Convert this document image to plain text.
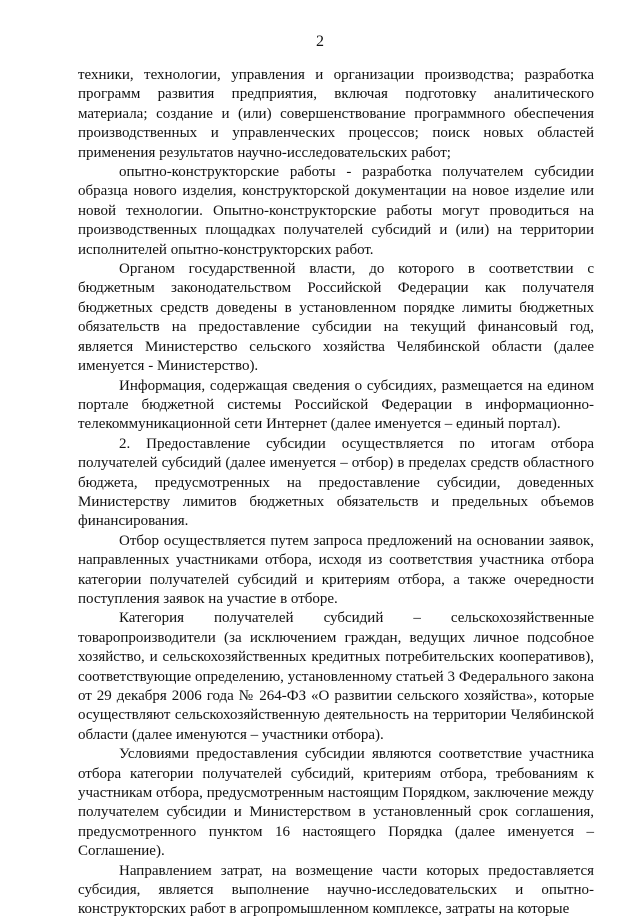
2

техники, технологии, управления и организации производства; разработка программ развития предприятия, включая подготовку аналитического материала; создание и (или) совершенствование программного обеспечения производственных и управленческих процессов; поиск новых областей применения результатов научно-исследовательских работ;

опытно-конструкторские работы - разработка получателем субсидии образца нового изделия, конструкторской документации на новое изделие или новой технологии. Опытно-конструкторские работы могут проводиться на производственных площадках получателей субсидий и (или) на территории исполнителей опытно-конструкторских работ.

Органом государственной власти, до которого в соответствии с бюджетным законодательством Российской Федерации как получателя бюджетных средств доведены в установленном порядке лимиты бюджетных обязательств на предоставление субсидии на текущий финансовый год, является Министерство сельского хозяйства Челябинской области (далее именуется - Министерство).

Информация, содержащая сведения о субсидиях, размещается на едином портале бюджетной системы Российской Федерации в информационно-телекоммуникационной сети Интернет (далее именуется – единый портал).

2. Предоставление субсидии осуществляется по итогам отбора получателей субсидий (далее именуется – отбор) в пределах средств областного бюджета, предусмотренных на предоставление субсидии, доведенных Министерству лимитов бюджетных обязательств и предельных объемов финансирования.

Отбор осуществляется путем запроса предложений на основании заявок, направленных участниками отбора, исходя из соответствия участника отбора категории получателей субсидий и критериям отбора, а также очередности поступления заявок на участие в отборе.

Категория получателей субсидий – сельскохозяйственные товаропроизводители (за исключением граждан, ведущих личное подсобное хозяйство, и сельскохозяйственных кредитных потребительских кооперативов), соответствующие определению, установленному статьей 3 Федерального закона от 29 декабря 2006 года № 264-ФЗ «О развитии сельского хозяйства», которые осуществляют сельскохозяйственную деятельность на территории Челябинской области (далее именуются – участники отбора).

Условиями предоставления субсидии являются соответствие участника отбора категории получателей субсидий, критериям отбора, требованиям к участникам отбора, предусмотренным настоящим Порядком, заключение между получателем субсидии и Министерством в установленный срок соглашения, предусмотренного пунктом 16 настоящего Порядка (далее именуется – Соглашение).

Направлением затрат, на возмещение части которых предоставляется субсидия, является выполнение научно-исследовательских и опытно-конструкторских работ в агропромышленном комплексе, затраты на которые
